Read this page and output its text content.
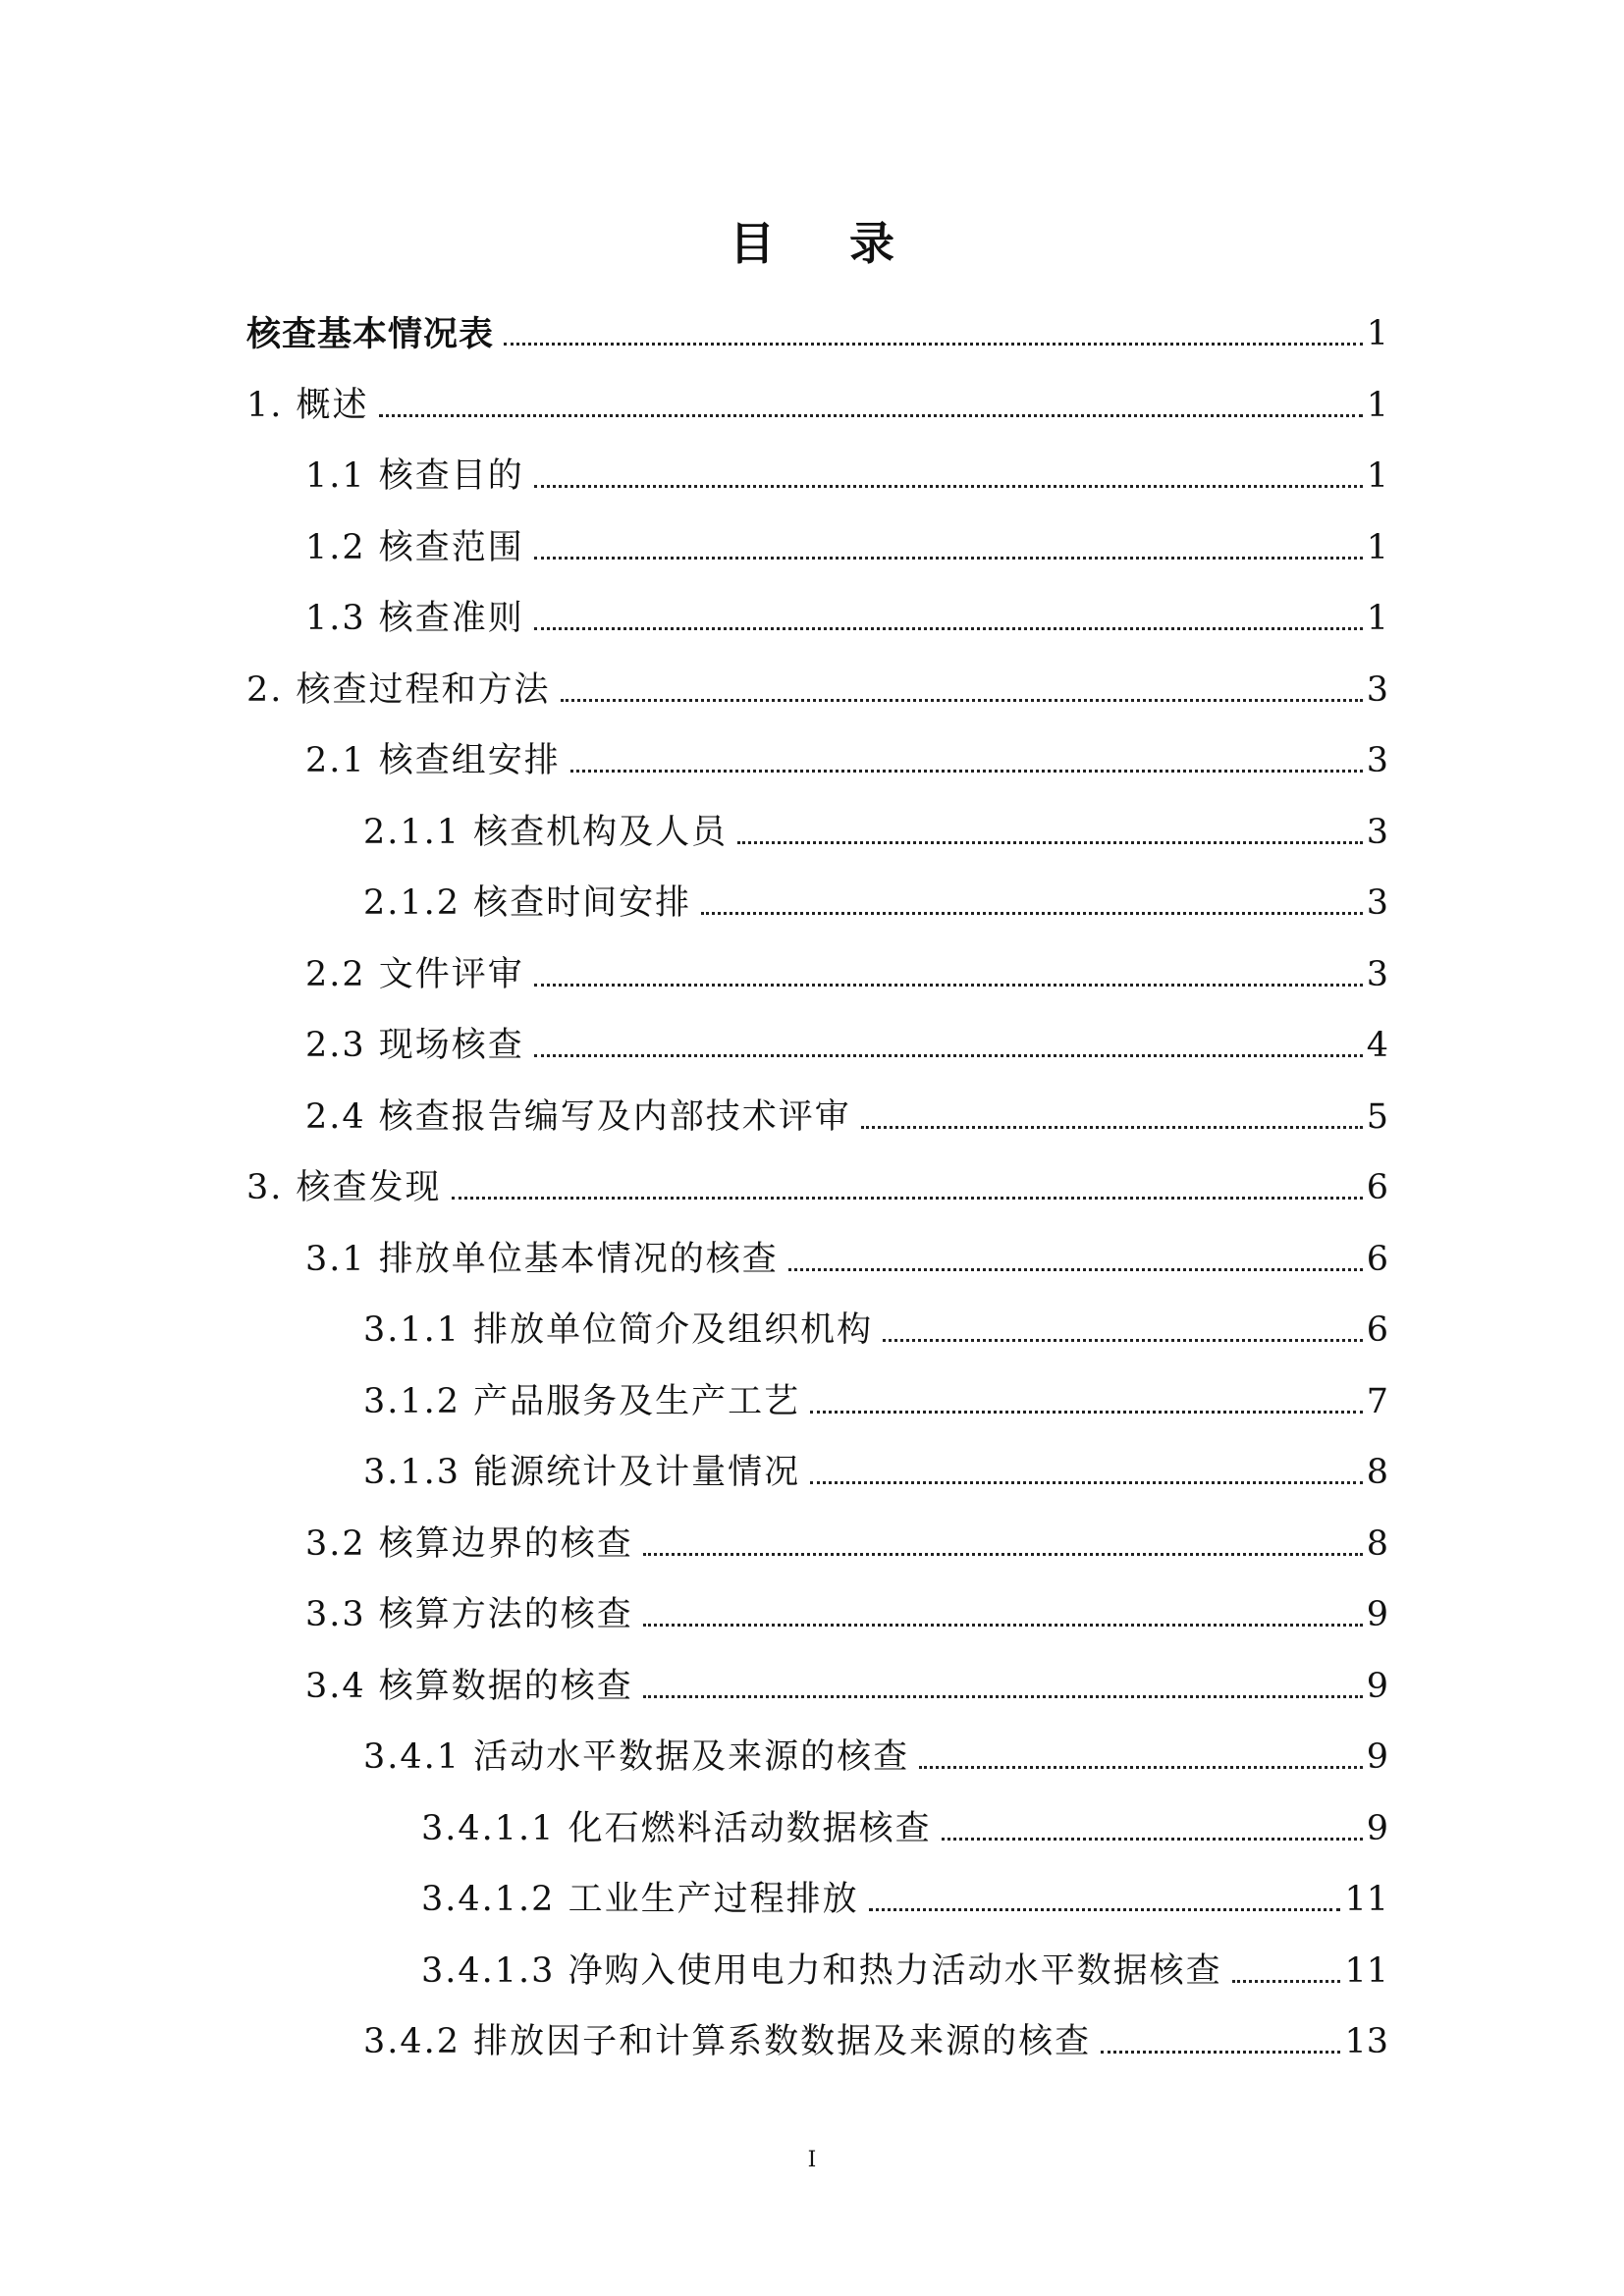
目 录
核查基本情况表	1
1. 概述	1
1.1 核查目的	1
1.2 核查范围	1
1.3 核查准则	1
2. 核查过程和方法	3
2.1 核查组安排	3
2.1.1 核查机构及人员	3
2.1.2 核查时间安排	3
2.2 文件评审	3
2.3 现场核查	4
2.4 核查报告编写及内部技术评审	5
3. 核查发现	6
3.1 排放单位基本情况的核查	6
3.1.1 排放单位简介及组织机构	6
3.1.2 产品服务及生产工艺	7
3.1.3 能源统计及计量情况	8
3.2 核算边界的核查	8
3.3 核算方法的核查	9
3.4 核算数据的核查	9
3.4.1 活动水平数据及来源的核查	9
3.4.1.1 化石燃料活动数据核查	9
3.4.1.2 工业生产过程排放	11
3.4.1.3 净购入使用电力和热力活动水平数据核查	11
3.4.2 排放因子和计算系数数据及来源的核查	13
I
